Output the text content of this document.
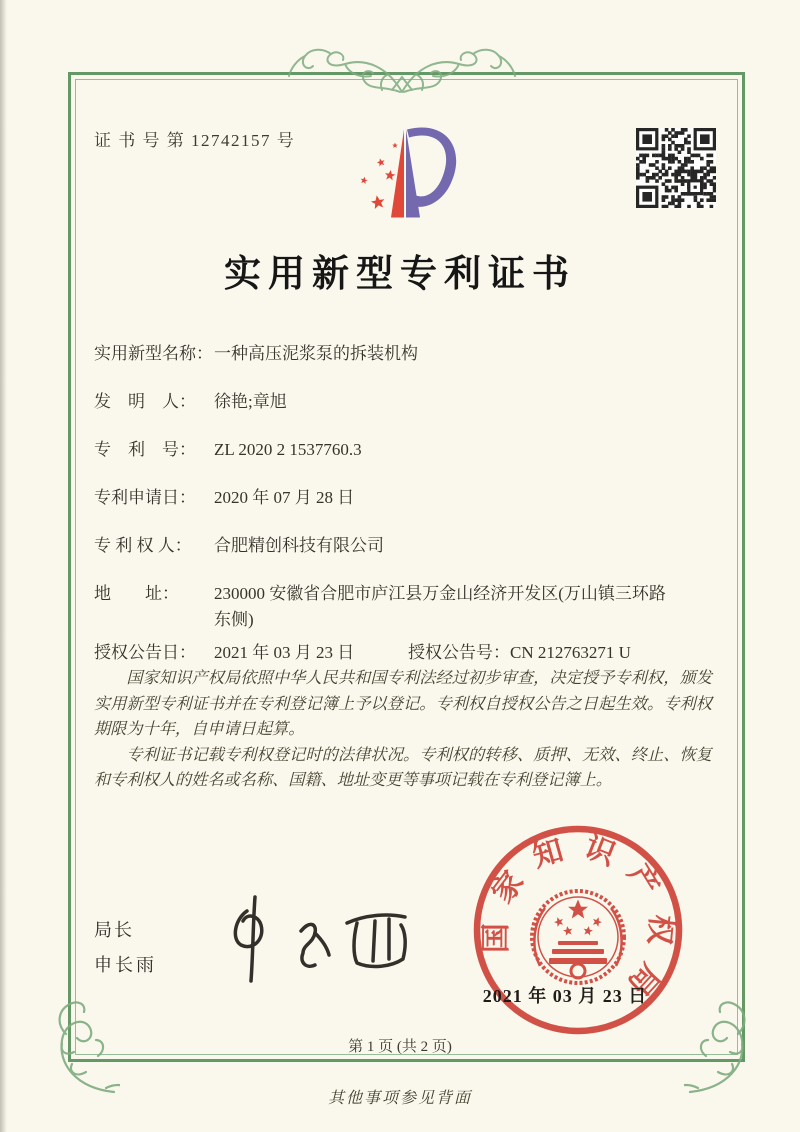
证 书 号 第 12742157 号
实用新型专利证书
实用新型名称： 一种高压泥浆泵的拆装机构
发　明　人：	徐艳;章旭
专　利　号：	ZL 2020 2 1537760.3
专利申请日：	2020 年 07 月 28 日
专 利 权 人：	合肥精创科技有限公司
地　　址：	230000 安徽省合肥市庐江县万金山经济开发区(万山镇三环路东侧)
授权公告日：	2021 年 03 月 23 日	授权公告号： CN 212763271 U

国家知识产权局依照中华人民共和国专利法经过初步审查，决定授予专利权，颁发实用新型专利证书并在专利登记簿上予以登记。专利权自授权公告之日起生效。专利权期限为十年，自申请日起算。

专利证书记载专利权登记时的法律状况。专利权的转移、质押、无效、终止、恢复和专利权人的姓名或名称、国籍、地址变更等事项记载在专利登记簿上。

局长
申长雨
国家知识产权局
2021 年 03 月 23 日
第 1 页 (共 2 页)
其他事项参见背面
